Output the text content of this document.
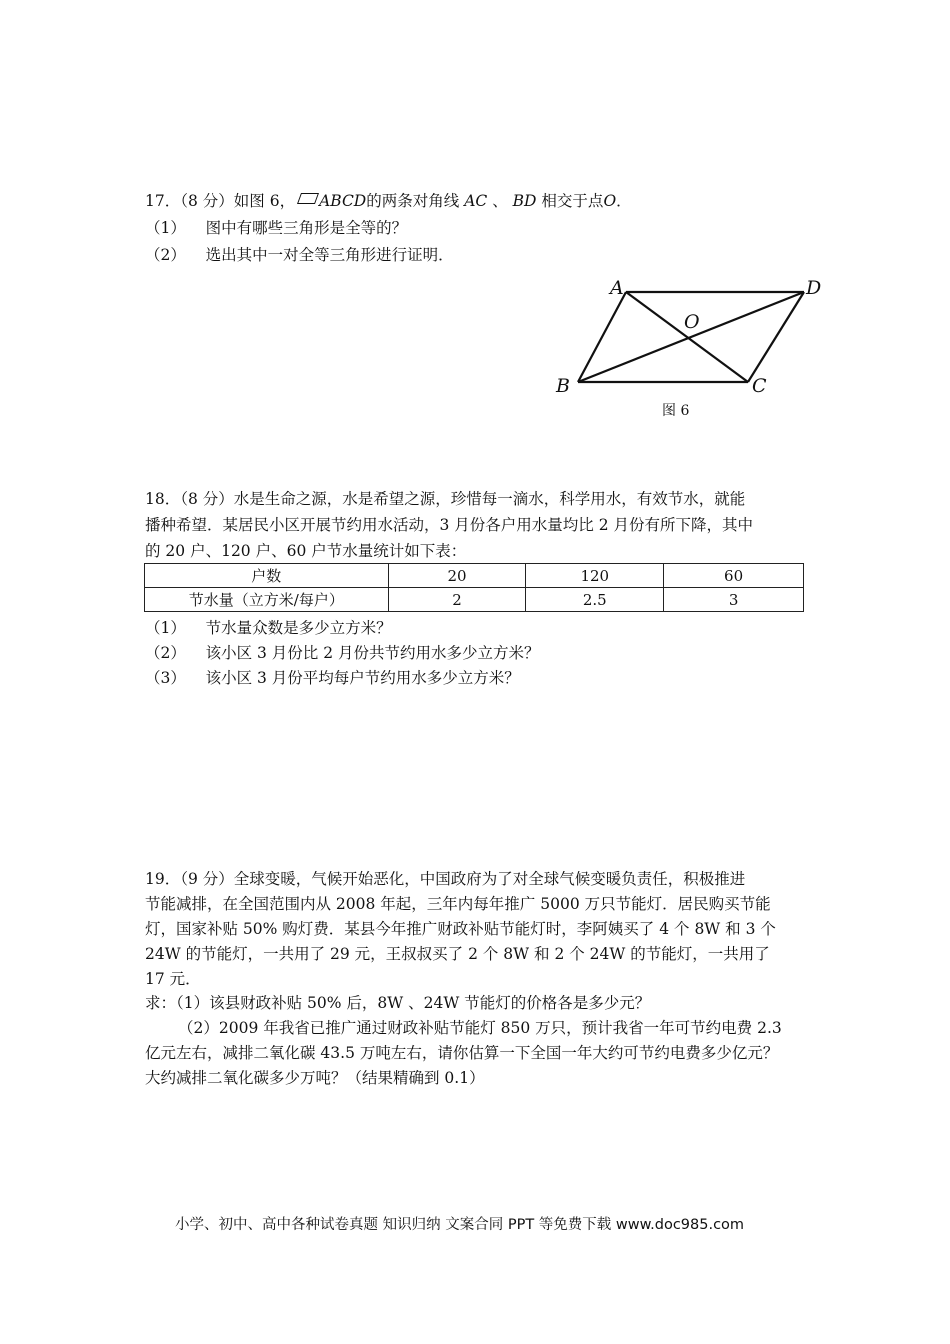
17．（8 分）如图 6， ABCD的两条对角线 AC 、 BD 相交于点O．
（1） 图中有哪些三角形是全等的？
（2） 选出其中一对全等三角形进行证明．
A	D
O
B	C
图 6
18．（8 分）水是生命之源，水是希望之源，珍惜每一滴水，科学用水，有效节水，就能
播种希望．某居民小区开展节约用水活动，3 月份各户用水量均比 2 月份有所下降，其中
的 20 户、120 户、60 户节水量统计如下表：
户数	20	120	60
节水量（立方米/每户）	2	2.5	3
（1） 节水量众数是多少立方米？
（2） 该小区 3 月份比 2 月份共节约用水多少立方米？
（3） 该小区 3 月份平均每户节约用水多少立方米？
19．（9 分）全球变暖，气候开始恶化，中国政府为了对全球气候变暖负责任，积极推进
节能减排，在全国范围内从 2008 年起，三年内每年推广 5000 万只节能灯．居民购买节能
灯，国家补贴 50% 购灯费．某县今年推广财政补贴节能灯时，李阿姨买了 4 个 8W 和 3 个
24W 的节能灯，一共用了 29 元，王叔叔买了 2 个 8W 和 2 个 24W 的节能灯，一共用了
17 元．
求：（1）该县财政补贴 50% 后，8W 、24W 节能灯的价格各是多少元？
（2）2009 年我省已推广通过财政补贴节能灯 850 万只，预计我省一年可节约电费 2.3
亿元左右，减排二氧化碳 43.5 万吨左右，请你估算一下全国一年大约可节约电费多少亿元？
大约减排二氧化碳多少万吨？（结果精确到 0.1）
小学、初中、高中各种试卷真题 知识归纳 文案合同 PPT 等免费下载 www.doc985.com
